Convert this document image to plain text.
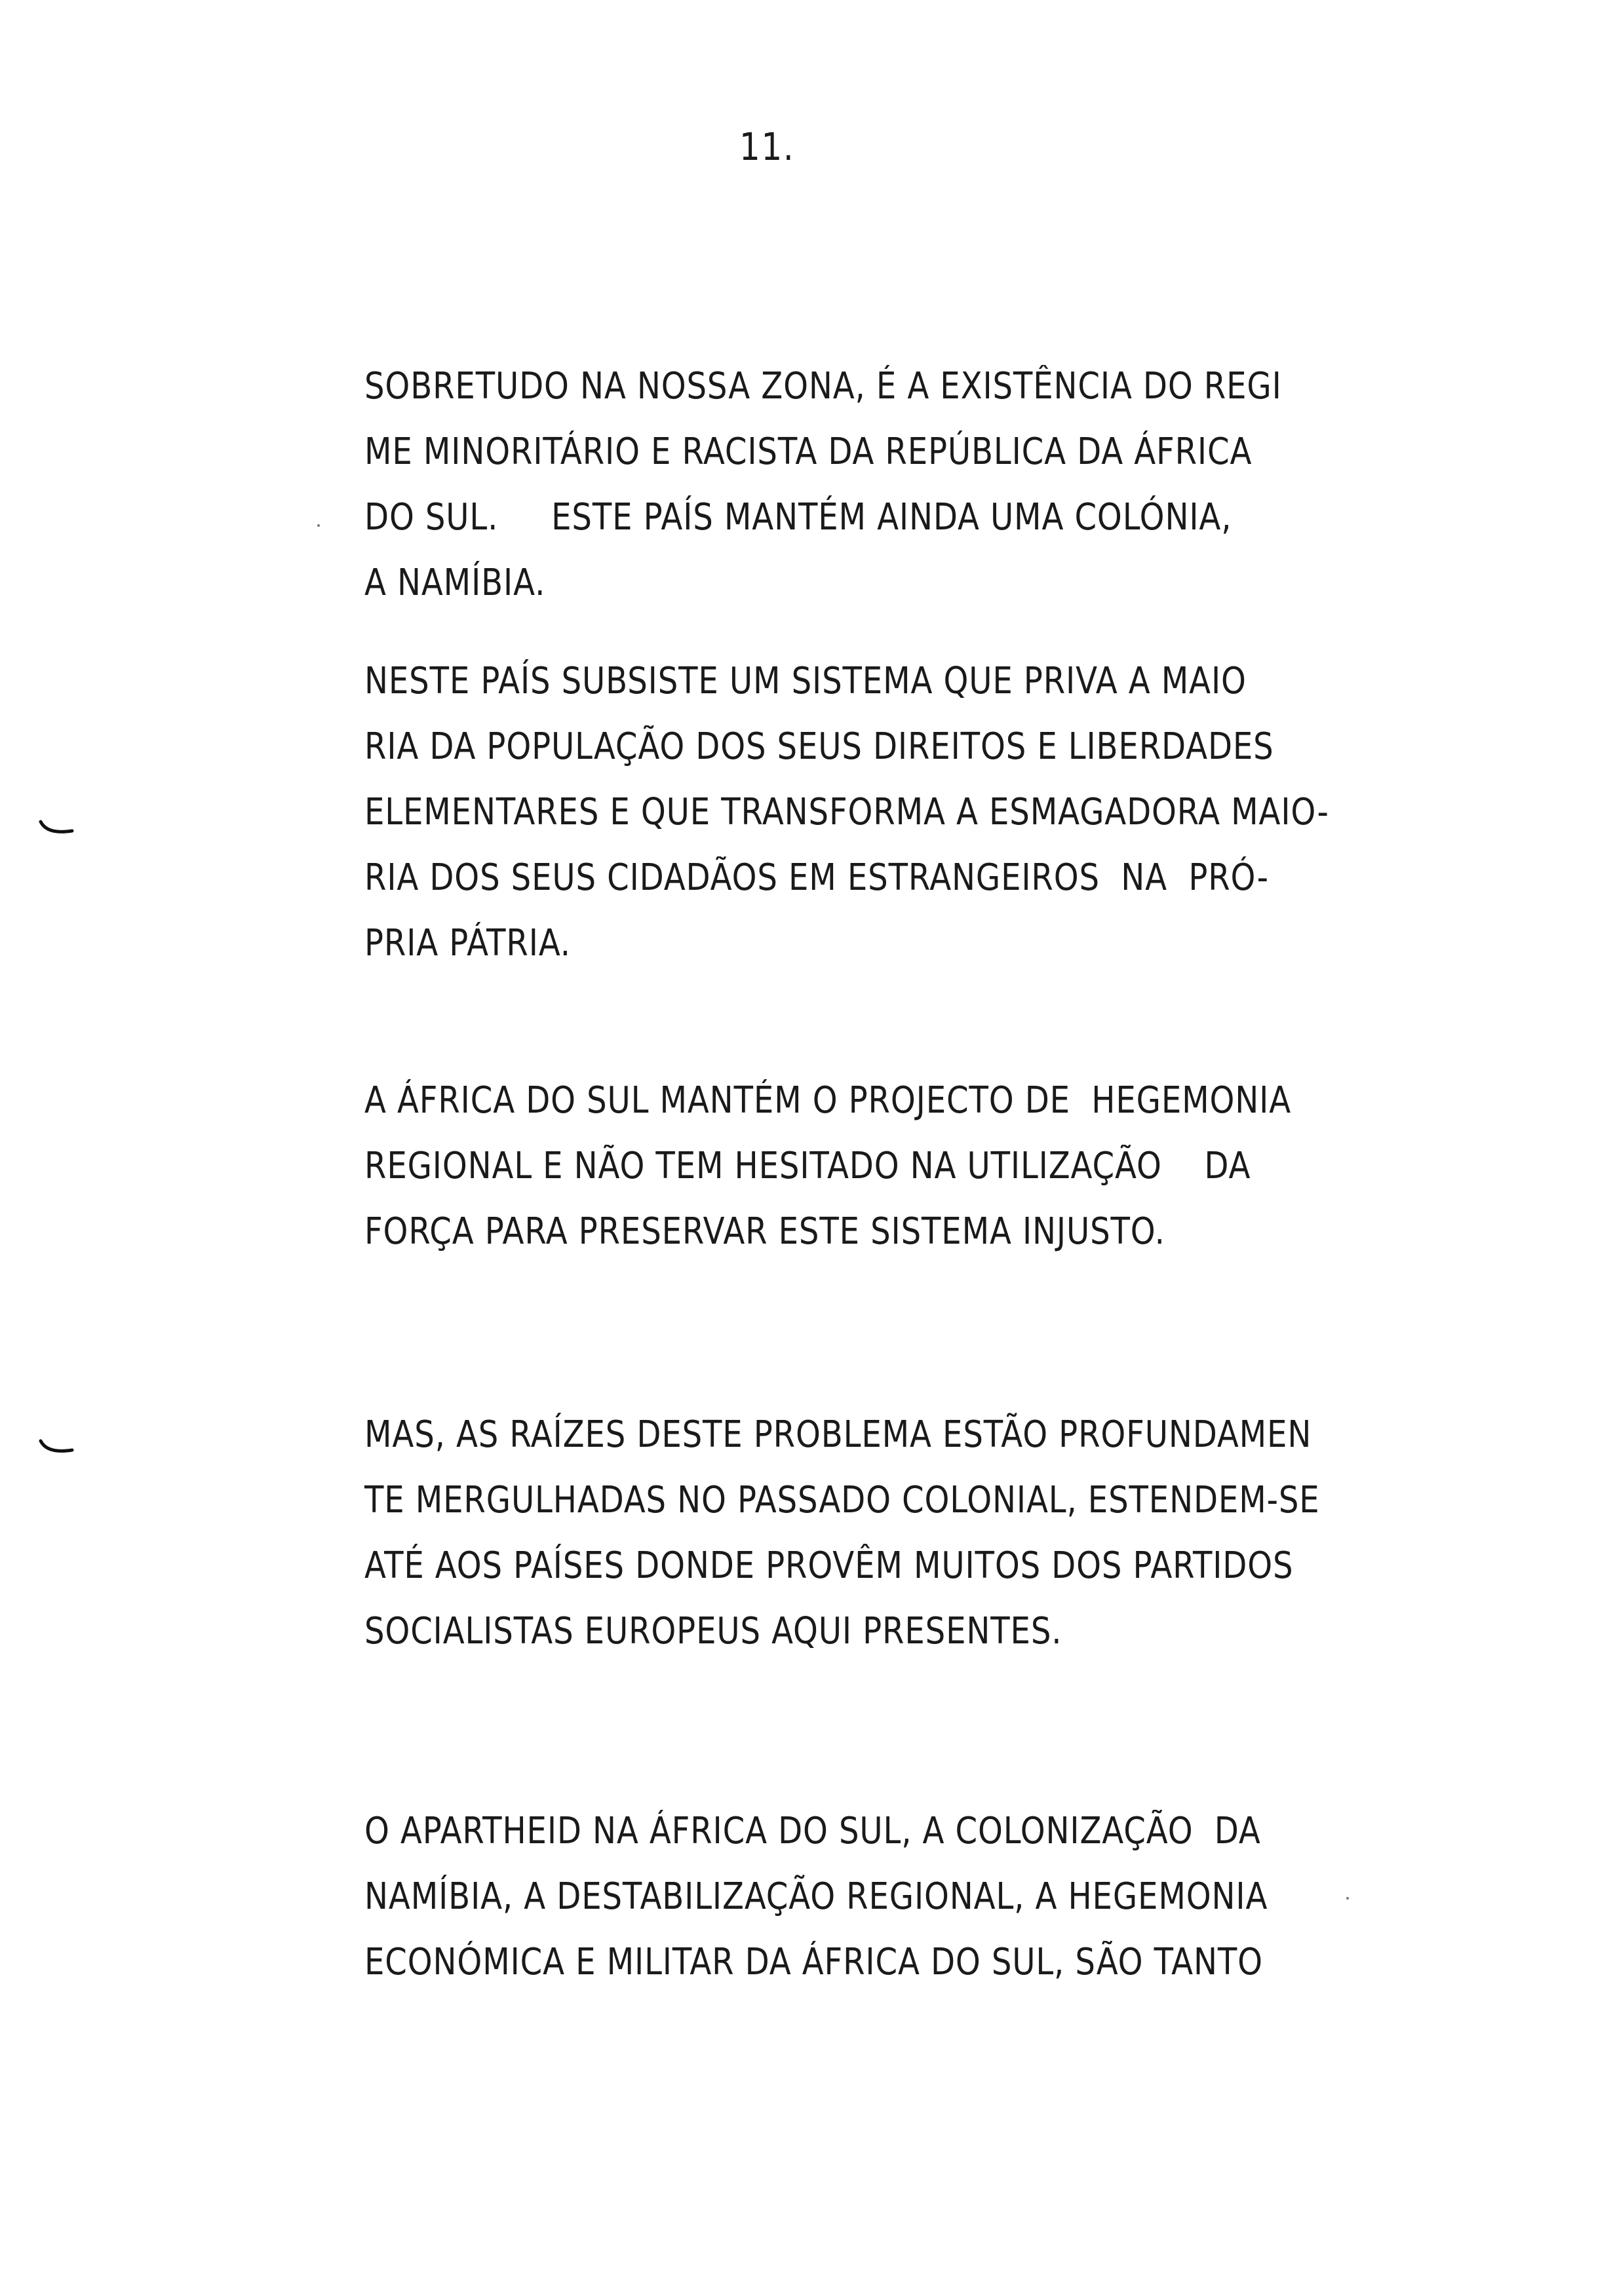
11.
SOBRETUDO NA NOSSA ZONA, É A EXISTÊNCIA DO REGI
ME MINORITÁRIO E RACISTA DA REPÚBLICA DA ÁFRICA
DO SUL.     ESTE PAÍS MANTÉM AINDA UMA COLÓNIA,
A NAMÍBIA.
NESTE PAÍS SUBSISTE UM SISTEMA QUE PRIVA A MAIO
RIA DA POPULAÇÃO DOS SEUS DIREITOS E LIBERDADES
ELEMENTARES E QUE TRANSFORMA A ESMAGADORA MAIO-
RIA DOS SEUS CIDADÃOS EM ESTRANGEIROS  NA  PRÓ-
PRIA PÁTRIA.
A ÁFRICA DO SUL MANTÉM O PROJECTO DE  HEGEMONIA
REGIONAL E NÃO TEM HESITADO NA UTILIZAÇÃO    DA
FORÇA PARA PRESERVAR ESTE SISTEMA INJUSTO.
MAS, AS RAÍZES DESTE PROBLEMA ESTÃO PROFUNDAMEN
TE MERGULHADAS NO PASSADO COLONIAL, ESTENDEM-SE
ATÉ AOS PAÍSES DONDE PROVÊM MUITOS DOS PARTIDOS
SOCIALISTAS EUROPEUS AQUI PRESENTES.
O APARTHEID NA ÁFRICA DO SUL, A COLONIZAÇÃO  DA
NAMÍBIA, A DESTABILIZAÇÃO REGIONAL, A HEGEMONIA
ECONÓMICA E MILITAR DA ÁFRICA DO SUL, SÃO TANTO
